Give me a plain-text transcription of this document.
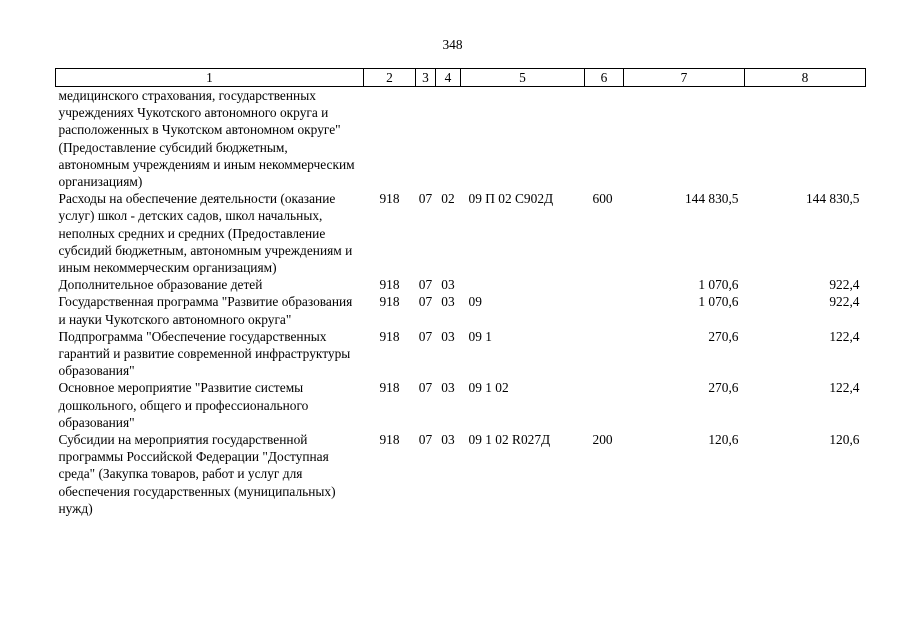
348
1	2	3	4	5	6	7	8
медицинского страхования, государственных учреждениях Чукотского автономного округа и расположенных в Чукотском автономном округе" (Предоставление субсидий бюджетным, автономным учреждениям и иным некоммерческим организациям)							
Расходы на обеспечение деятельности (оказание услуг) школ - детских садов, школ начальных, неполных средних и средних (Предоставление субсидий бюджетным, автономным учреждениям и иным некоммерческим организациям)	918	07	02	09 П 02 С902Д	600	144 830,5	144 830,5
Дополнительное образование детей	918	07	03			1 070,6	922,4
Государственная программа "Развитие образования и науки Чукотского автономного округа"	918	07	03	09		1 070,6	922,4
Подпрограмма "Обеспечение государственных гарантий и развитие современной инфраструктуры образования"	918	07	03	09 1		270,6	122,4
Основное мероприятие "Развитие системы дошкольного, общего и профессионального образования"	918	07	03	09 1 02		270,6	122,4
Субсидии на мероприятия государственной программы Российской Федерации "Доступная среда" (Закупка товаров, работ и услуг для обеспечения государственных (муниципальных) нужд)	918	07	03	09 1 02 R027Д	200	120,6	120,6
